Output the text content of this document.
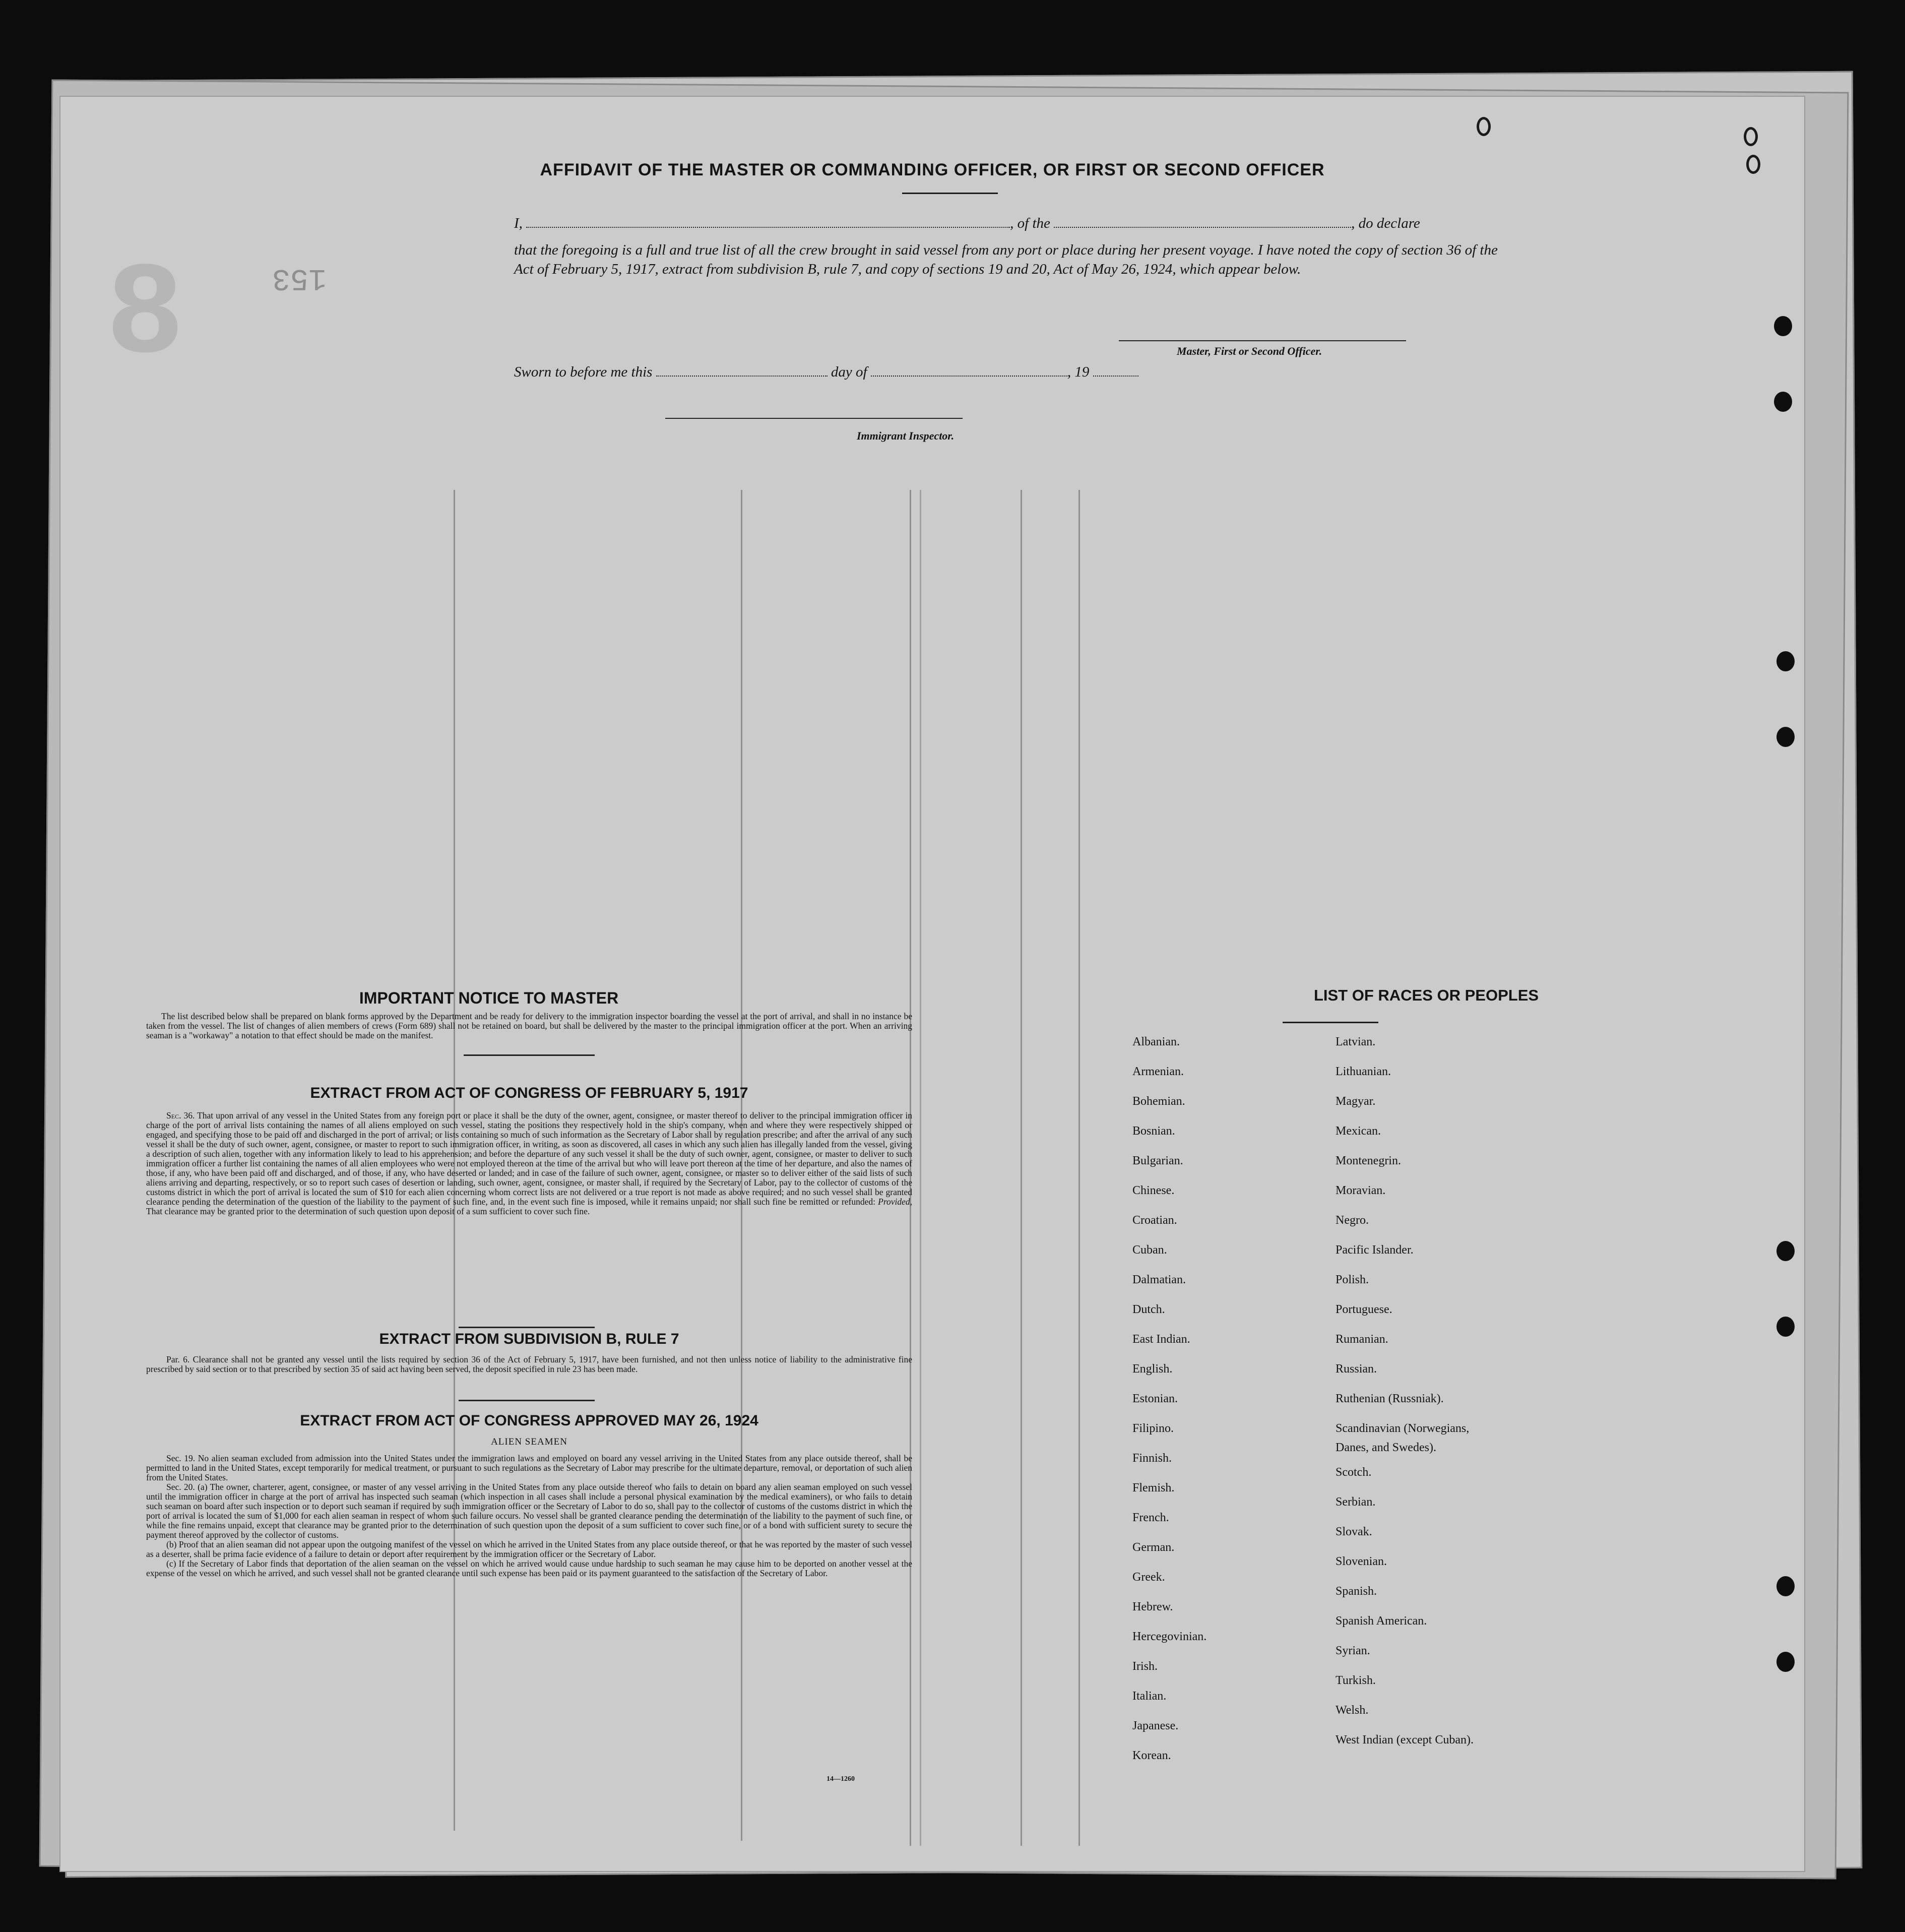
153
8
AFFIDAVIT OF THE MASTER OR COMMANDING OFFICER, OR FIRST OR SECOND OFFICER
I,	, of the	, do declare
that the foregoing is a full and true list of all the crew brought in said vessel from any port or place during her present voyage. I have noted the copy of section 36 of the Act of February 5, 1917, extract from subdivision B, rule 7, and copy of sections 19 and 20, Act of May 26, 1924, which appear below.
Master, First or Second Officer.
Sworn to before me this	day of	, 19
Immigrant Inspector.
IMPORTANT NOTICE TO MASTER
The list described below shall be prepared on blank forms approved by the Department and be ready for delivery to the immigration inspector boarding the vessel at the port of arrival, and shall in no instance be taken from the vessel. The list of changes of alien members of crews (Form 689) shall not be retained on board, but shall be delivered by the master to the principal immigration officer at the port. When an arriving seaman is a "workaway" a notation to that effect should be made on the manifest.
EXTRACT FROM ACT OF CONGRESS OF FEBRUARY 5, 1917

Sec. 36. That upon arrival of any vessel in the United States from any foreign port or place it shall be the duty of the owner, agent, consignee, or master thereof to deliver to the principal immigration officer in charge of the port of arrival lists containing the names of all aliens employed on such vessel, stating the positions they respectively hold in the ship's company, when and where they were respectively shipped or engaged, and specifying those to be paid off and discharged in the port of arrival; or lists containing so much of such information as the Secretary of Labor shall by regulation prescribe; and after the arrival of any such vessel it shall be the duty of such owner, agent, consignee, or master to report to such immigration officer, in writing, as soon as discovered, all cases in which any such alien has illegally landed from the vessel, giving a description of such alien, together with any information likely to lead to his apprehension; and before the departure of any such vessel it shall be the duty of such owner, agent, consignee, or master to deliver to such immigration officer a further list containing the names of all alien employees who were not employed thereon at the time of the arrival but who will leave port thereon at the time of her departure, and also the names of those, if any, who have been paid off and discharged, and of those, if any, who have deserted or landed; and in case of the failure of such owner, agent, consignee, or master so to deliver either of the said lists of such aliens arriving and departing, respectively, or so to report such cases of desertion or landing, such owner, agent, consignee, or master shall, if required by the Secretary of Labor, pay to the collector of customs of the customs district in which the port of arrival is located the sum of $10 for each alien concerning whom correct lists are not delivered or a true report is not made as above required; and no such vessel shall be granted clearance pending the determination of the question of the liability to the payment of such fine, and, in the event such fine is imposed, while it remains unpaid; nor shall such fine be remitted or refunded: Provided, That clearance may be granted prior to the determination of such question upon deposit of a sum sufficient to cover such fine.

EXTRACT FROM SUBDIVISION B, RULE 7

Par. 6. Clearance shall not be granted any vessel until the lists required by section 36 of the Act of February 5, 1917, have been furnished, and not then unless notice of liability to the administrative fine prescribed by said section or to that prescribed by section 35 of said act having been served, the deposit specified in rule 23 has been made.

EXTRACT FROM ACT OF CONGRESS APPROVED MAY 26, 1924
ALIEN SEAMEN

Sec. 19. No alien seaman excluded from admission into the United States under the immigration laws and employed on board any vessel arriving in the United States from any place outside thereof, shall be permitted to land in the United States, except temporarily for medical treatment, or pursuant to such regulations as the Secretary of Labor may prescribe for the ultimate departure, removal, or deportation of such alien from the United States.

Sec. 20. (a) The owner, charterer, agent, consignee, or master of any vessel arriving in the United States from any place outside thereof who fails to detain on board any alien seaman employed on such vessel until the immigration officer in charge at the port of arrival has inspected such seaman (which inspection in all cases shall include a personal physical examination by the medical examiners), or who fails to detain such seaman on board after such inspection or to deport such seaman if required by such immigration officer or the Secretary of Labor to do so, shall pay to the collector of customs of the customs district in which the port of arrival is located the sum of $1,000 for each alien seaman in respect of whom such failure occurs. No vessel shall be granted clearance pending the determination of the liability to the payment of such fine, or while the fine remains unpaid, except that clearance may be granted prior to the determination of such question upon the deposit of a sum sufficient to cover such fine, or of a bond with sufficient surety to secure the payment thereof approved by the collector of customs.

(b) Proof that an alien seaman did not appear upon the outgoing manifest of the vessel on which he arrived in the United States from any place outside thereof, or that he was reported by the master of such vessel as a deserter, shall be prima facie evidence of a failure to detain or deport after requirement by the immigration officer or the Secretary of Labor.

(c) If the Secretary of Labor finds that deportation of the alien seaman on the vessel on which he arrived would cause undue hardship to such seaman he may cause him to be deported on another vessel at the expense of the vessel on which he arrived, and such vessel shall not be granted clearance until such expense has been paid or its payment guaranteed to the satisfaction of the Secretary of Labor.

14—1260
LIST OF RACES OR PEOPLES
Danes, and Swedes).
Albanian.
Armenian.
Bohemian.
Bosnian.
Bulgarian.
Chinese.
Croatian.
Cuban.
Dalmatian.
Dutch.
East Indian.
English.
Estonian.
Filipino.
Finnish.
Flemish.
French.
German.
Greek.
Hebrew.
Hercegovinian.
Irish.
Italian.
Japanese.
Korean.
Latvian.
Lithuanian.
Magyar.
Mexican.
Montenegrin.
Moravian.
Negro.
Pacific Islander.
Polish.
Portuguese.
Rumanian.
Russian.
Ruthenian (Russniak).
Scandinavian (Norwegians,
Scotch.
Serbian.
Slovak.
Slovenian.
Spanish.
Spanish American.
Syrian.
Turkish.
Welsh.
West Indian (except Cuban).
